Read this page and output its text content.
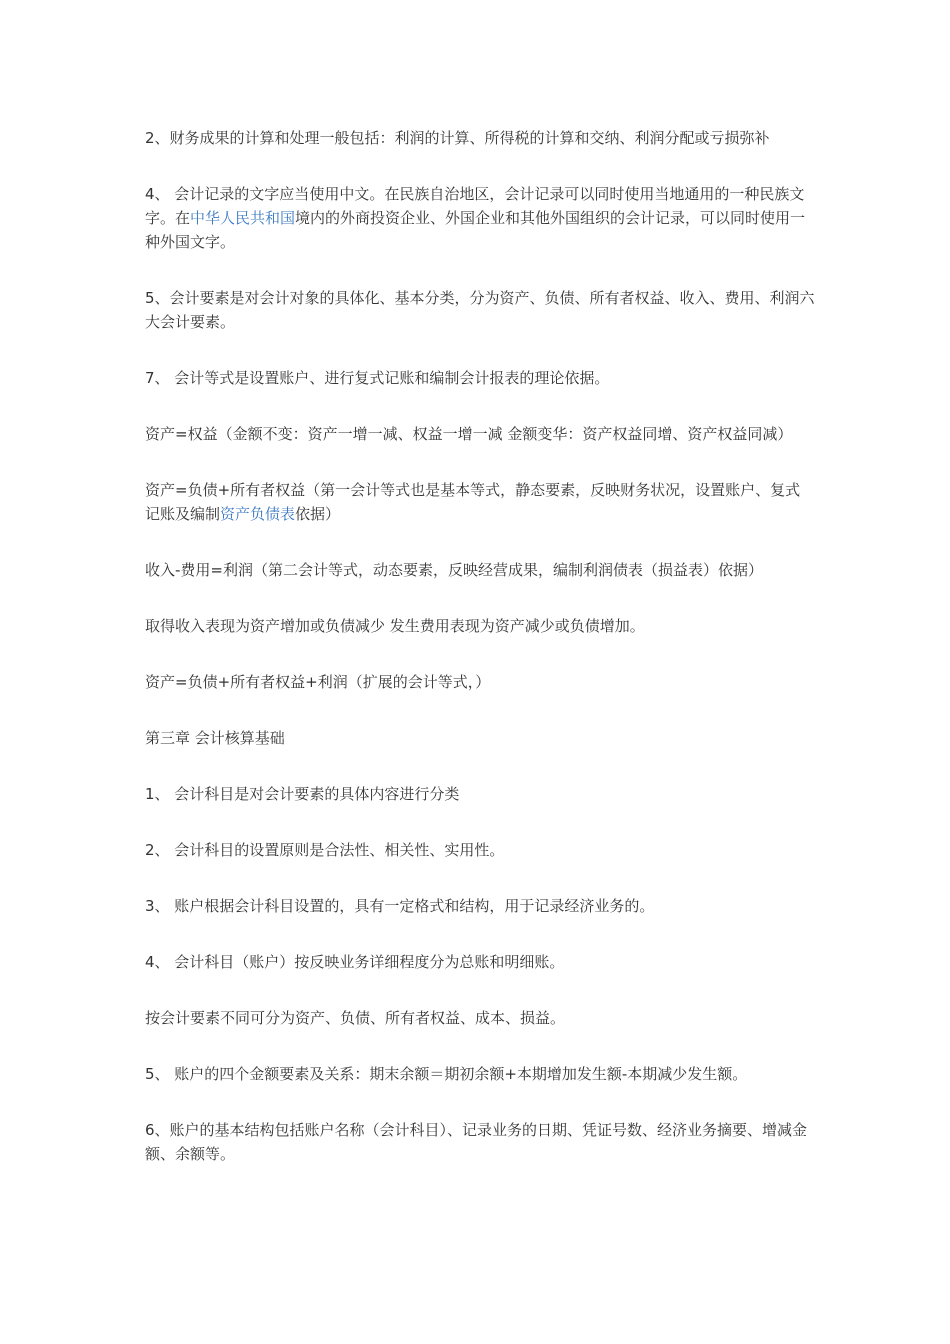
2、财务成果的计算和处理一般包括：利润的计算、所得税的计算和交纳、利润分配或亏损弥补

4、 会计记录的文字应当使用中文。在民族自治地区，会计记录可以同时使用当地通用的一种民族文字。在中华人民共和国境内的外商投资企业、外国企业和其他外国组织的会计记录，可以同时使用一种外国文字。

5、会计要素是对会计对象的具体化、基本分类，分为资产、负债、所有者权益、收入、费用、利润六大会计要素。

7、 会计等式是设置账户、进行复式记账和编制会计报表的理论依据。

资产=权益（金额不变：资产一增一减、权益一增一减 金额变华：资产权益同增、资产权益同减）

资产=负债+所有者权益（第一会计等式也是基本等式，静态要素，反映财务状况，设置账户、复式记账及编制资产负债表依据）

收入-费用=利润（第二会计等式，动态要素，反映经营成果，编制利润债表（损益表）依据）

取得收入表现为资产增加或负债减少 发生费用表现为资产减少或负债增加。

资产=负债+所有者权益+利润（扩展的会计等式，）

第三章 会计核算基础

1、 会计科目是对会计要素的具体内容进行分类

2、 会计科目的设置原则是合法性、相关性、实用性。

3、 账户根据会计科目设置的，具有一定格式和结构，用于记录经济业务的。

4、 会计科目（账户）按反映业务详细程度分为总账和明细账。

按会计要素不同可分为资产、负债、所有者权益、成本、损益。

5、 账户的四个金额要素及关系：期末余额＝期初余额+本期增加发生额-本期减少发生额。

6、账户的基本结构包括账户名称（会计科目）、记录业务的日期、凭证号数、经济业务摘要、增减金额、余额等。
